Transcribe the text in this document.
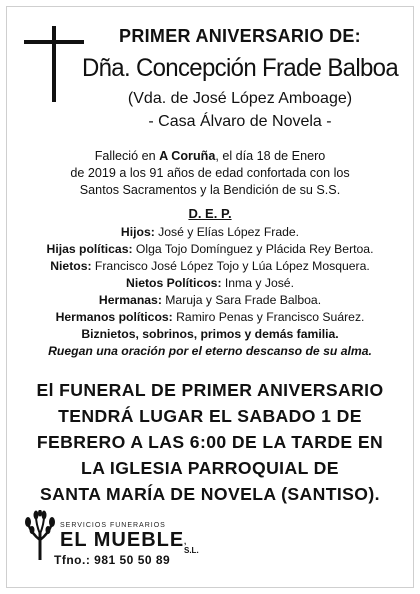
PRIMER ANIVERSARIO DE:
Dña. Concepción Frade Balboa
(Vda. de José López Amboage)
- Casa Álvaro de Novela -
Falleció en A Coruña, el día 18 de Enero
de 2019 a los 91 años de edad confortada con los
Santos Sacramentos y la Bendición de su S.S.
D. E. P.
Hijos: José y Elías López Frade.
Hijas políticas: Olga Tojo Domínguez y Plácida Rey Bertoa.
Nietos: Francisco José López Tojo y Lúa López Mosquera.
Nietos Políticos: Inma y José.
Hermanas: Maruja y Sara Frade Balboa.
Hermanos políticos: Ramiro Penas y Francisco Suárez.
Biznietos, sobrinos, primos y demás familia.
Ruegan una oración por el eterno descanso de su alma.
El FUNERAL DE PRIMER ANIVERSARIO
TENDRÁ LUGAR EL SABADO 1 DE
FEBRERO A LAS 6:00 DE LA TARDE EN
LA IGLESIA PARROQUIAL DE
SANTA MARÍA DE NOVELA (SANTISO).
SERVICIOS FUNERARIOS
EL MUEBLE , S.L.
Tfno.: 981 50 50 89
